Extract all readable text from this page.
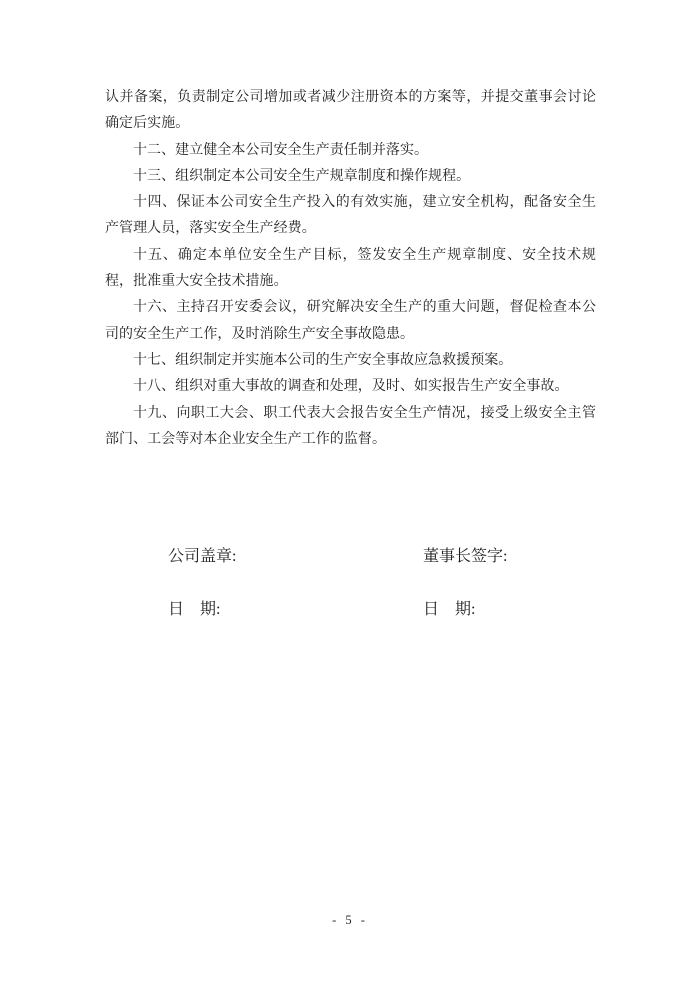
认并备案，负责制定公司增加或者减少注册资本的方案等，并提交董事会讨论确定后实施。

十二、建立健全本公司安全生产责任制并落实。

十三、组织制定本公司安全生产规章制度和操作规程。

十四、保证本公司安全生产投入的有效实施，建立安全机构，配备安全生产管理人员，落实安全生产经费。

十五、确定本单位安全生产目标，签发安全生产规章制度、安全技术规程，批准重大安全技术措施。

十六、主持召开安委会议，研究解决安全生产的重大问题，督促检查本公司的安全生产工作，及时消除生产安全事故隐患。

十七、组织制定并实施本公司的生产安全事故应急救援预案。

十八、组织对重大事故的调查和处理，及时、如实报告生产安全事故。

十九、向职工大会、职工代表大会报告安全生产情况，接受上级安全主管部门、工会等对本企业安全生产工作的监督。

公司盖章:	董事长签字:
日　期:	日　期:
- 5 -
